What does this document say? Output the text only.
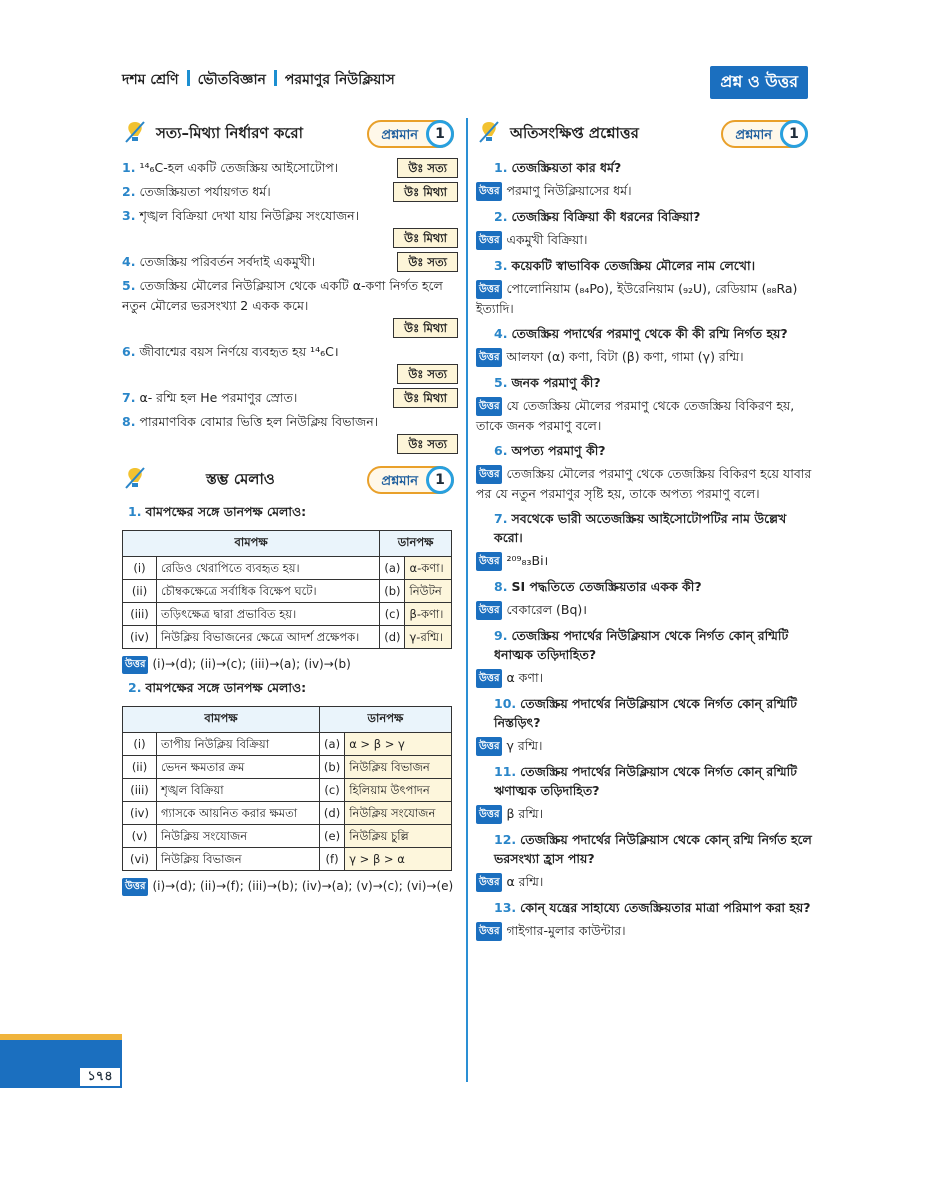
দশম শ্রেণি ভৌতবিজ্ঞান পরমাণুর নিউক্লিয়াস	প্রশ্ন ও উত্তর
সত্য–মিথ্যা নির্ধারণ করো	প্রশ্নমান	1
1. ¹⁴₆C-হল একটি তেজস্ক্রিয় আইসোটোপ।	উঃ সত্য
2. তেজস্ক্রিয়তা পর্যায়গত ধর্ম।	উঃ মিথ্যা
3. শৃঙ্খল বিক্রিয়া দেখা যায় নিউক্লিয় সংযোজন।
উঃ মিথ্যা
4. তেজস্ক্রিয় পরিবর্তন সর্বদাই একমুখী।	উঃ সত্য
5. তেজস্ক্রিয় মৌলের নিউক্লিয়াস থেকে একটি α-কণা নির্গত হলে নতুন মৌলের ভরসংখ্যা 2 একক কমে।
উঃ মিথ্যা
6. জীবাশ্মের বয়স নির্ণয়ে ব্যবহৃত হয় ¹⁴₆C।
উঃ সত্য
7. α- রশ্মি হল He পরমাণুর স্রোত।	উঃ মিথ্যা
8. পারমাণবিক বোমার ভিত্তি হল নিউক্লিয় বিভাজন।
উঃ সত্য
স্তম্ভ মেলাও	প্রশ্নমান	1
1. বামপক্ষের সঙ্গে ডানপক্ষ মেলাও:
বামপক্ষ		ডানপক্ষ	
(i)	রেডিও থেরাপিতে ব্যবহৃত হয়।	(a)	α-কণা।
(ii)	চৌম্বকক্ষেত্রে সর্বাধিক বিক্ষেপ ঘটে।	(b)	নিউটন
(iii)	তড়িৎক্ষেত্র দ্বারা প্রভাবিত হয়।	(c)	β-কণা।
(iv)	নিউক্লিয় বিভাজনের ক্ষেত্রে আদর্শ প্রক্ষেপক।	(d)	γ-রশ্মি।
উত্তর (i)→(d); (ii)→(c); (iii)→(a); (iv)→(b)
2. বামপক্ষের সঙ্গে ডানপক্ষ মেলাও:
বামপক্ষ		ডানপক্ষ	
(i)	তাপীয় নিউক্লিয় বিক্রিয়া	(a)	α > β > γ
(ii)	ভেদন ক্ষমতার ক্রম	(b)	নিউক্লিয় বিভাজন
(iii)	শৃঙ্খল বিক্রিয়া	(c)	হিলিয়াম উৎপাদন
(iv)	গ্যাসকে আয়নিত করার ক্ষমতা	(d)	নিউক্লিয় সংযোজন
(v)	নিউক্লিয় সংযোজন	(e)	নিউক্লিয় চুল্লি
(vi)	নিউক্লিয় বিভাজন	(f)	γ > β > α
উত্তর (i)→(d); (ii)→(f); (iii)→(b); (iv)→(a); (v)→(c); (vi)→(e)
অতিসংক্ষিপ্ত প্রশ্নোত্তর	প্রশ্নমান	1
1. তেজস্ক্রিয়তা কার ধর্ম?
উত্তর পরমাণু নিউক্লিয়াসের ধর্ম।
2. তেজস্ক্রিয় বিক্রিয়া কী ধরনের বিক্রিয়া?
উত্তর একমুখী বিক্রিয়া।
3. কয়েকটি স্বাভাবিক তেজস্ক্রিয় মৌলের নাম লেখো।
উত্তর পোলোনিয়াম (₈₄Po), ইউরেনিয়াম (₉₂U), রেডিয়াম (₈₈Ra) ইত্যাদি।
4. তেজস্ক্রিয় পদার্থের পরমাণু থেকে কী কী রশ্মি নির্গত হয়?
উত্তর আলফা (α) কণা, বিটা (β) কণা, গামা (γ) রশ্মি।
5. জনক পরমাণু কী?
উত্তর যে তেজস্ক্রিয় মৌলের পরমাণু থেকে তেজস্ক্রিয় বিকিরণ হয়, তাকে জনক পরমাণু বলে।
6. অপত্য পরমাণু কী?
উত্তর তেজস্ক্রিয় মৌলের পরমাণু থেকে তেজস্ক্রিয় বিকিরণ হয়ে যাবার পর যে নতুন পরমাণুর সৃষ্টি হয়, তাকে অপত্য পরমাণু বলে।
7. সবথেকে ভারী অতেজস্ক্রিয় আইসোটোপটির নাম উল্লেখ করো।
উত্তর ²⁰⁹₈₃Bi।
8. SI পদ্ধতিতে তেজস্ক্রিয়তার একক কী?
উত্তর বেকারেল (Bq)।
9. তেজস্ক্রিয় পদার্থের নিউক্লিয়াস থেকে নির্গত কোন্ রশ্মিটি ধনাত্মক তড়িদাহিত?
উত্তর α কণা।
10. তেজস্ক্রিয় পদার্থের নিউক্লিয়াস থেকে নির্গত কোন্ রশ্মিটি নিস্তড়িৎ?
উত্তর γ রশ্মি।
11. তেজস্ক্রিয় পদার্থের নিউক্লিয়াস থেকে নির্গত কোন্ রশ্মিটি ঋণাত্মক তড়িদাহিত?
উত্তর β রশ্মি।
12. তেজস্ক্রিয় পদার্থের নিউক্লিয়াস থেকে কোন্ রশ্মি নির্গত হলে ভরসংখ্যা হ্রাস পায়?
উত্তর α রশ্মি।
13. কোন্ যন্ত্রের সাহায্যে তেজস্ক্রিয়তার মাত্রা পরিমাপ করা হয়?
উত্তর গাইগার-মুলার কাউন্টার।
১৭৪
